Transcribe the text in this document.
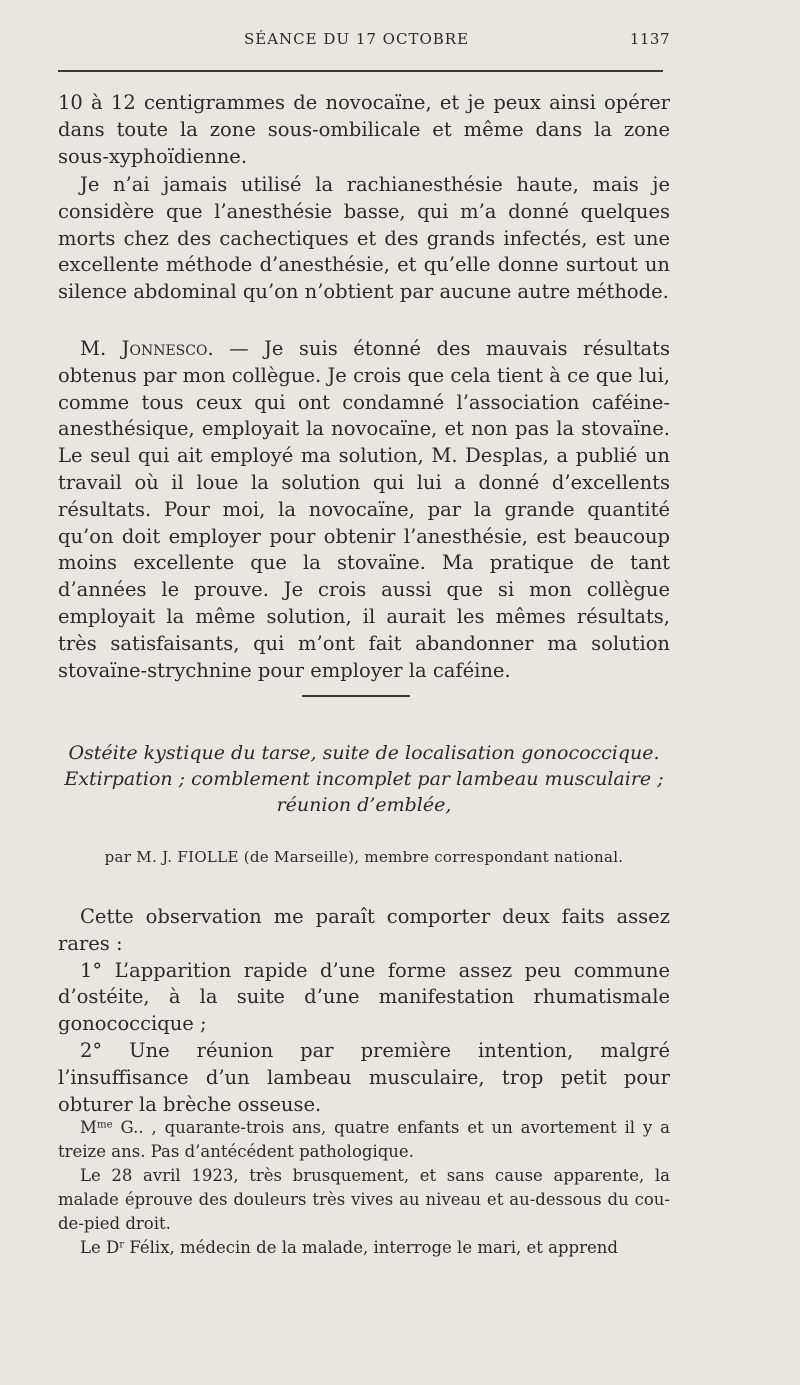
SÉANCE DU 17 OCTOBRE	1137

10 à 12 centigrammes de novocaïne, et je peux ainsi opérer dans toute la zone sous-ombilicale et même dans la zone sous-xyphoïdienne.

Je n’ai jamais utilisé la rachianesthésie haute, mais je considère que l’anesthésie basse, qui m’a donné quelques morts chez des cachectiques et des grands infectés, est une excellente méthode d’anesthésie, et qu’elle donne surtout un silence abdominal qu’on n’obtient par aucune autre méthode.

M. Jonnesco. — Je suis étonné des mauvais résultats obtenus par mon collègue. Je crois que cela tient à ce que lui, comme tous ceux qui ont condamné l’association caféine-anesthésique, employait la novocaïne, et non pas la stovaïne. Le seul qui ait employé ma solution, M. Desplas, a publié un travail où il loue la solution qui lui a donné d’excellents résultats. Pour moi, la novocaïne, par la grande quantité qu’on doit employer pour obtenir l’anesthésie, est beaucoup moins excellente que la stovaïne. Ma pratique de tant d’années le prouve. Je crois aussi que si mon collègue employait la même solution, il aurait les mêmes résultats, très satisfaisants, qui m’ont fait abandonner ma solution stovaïne-strychnine pour employer la caféine.

Ostéite kystique du tarse, suite de localisation gonococcique.
Extirpation ; comblement incomplet par lambeau musculaire ;
réunion d’emblée,
par M. J. FIOLLE (de Marseille), membre correspondant national.

Cette observation me paraît comporter deux faits assez rares :

1° L’apparition rapide d’une forme assez peu commune d’ostéite, à la suite d’une manifestation rhumatismale gonococcique ;

2° Une réunion par première intention, malgré l’insuffisance d’un lambeau musculaire, trop petit pour obturer la brèche osseuse.

$M^{me}$ G.. , quarante-trois ans, quatre enfants et un avortement il y a treize ans. Pas d’antécédent pathologique.

Le 28 avril 1923, très brusquement, et sans cause apparente, la malade éprouve des douleurs très vives au niveau et au-dessous du cou-de-pied droit.

Le $D^r$ Félix, médecin de la malade, interroge le mari, et apprend
